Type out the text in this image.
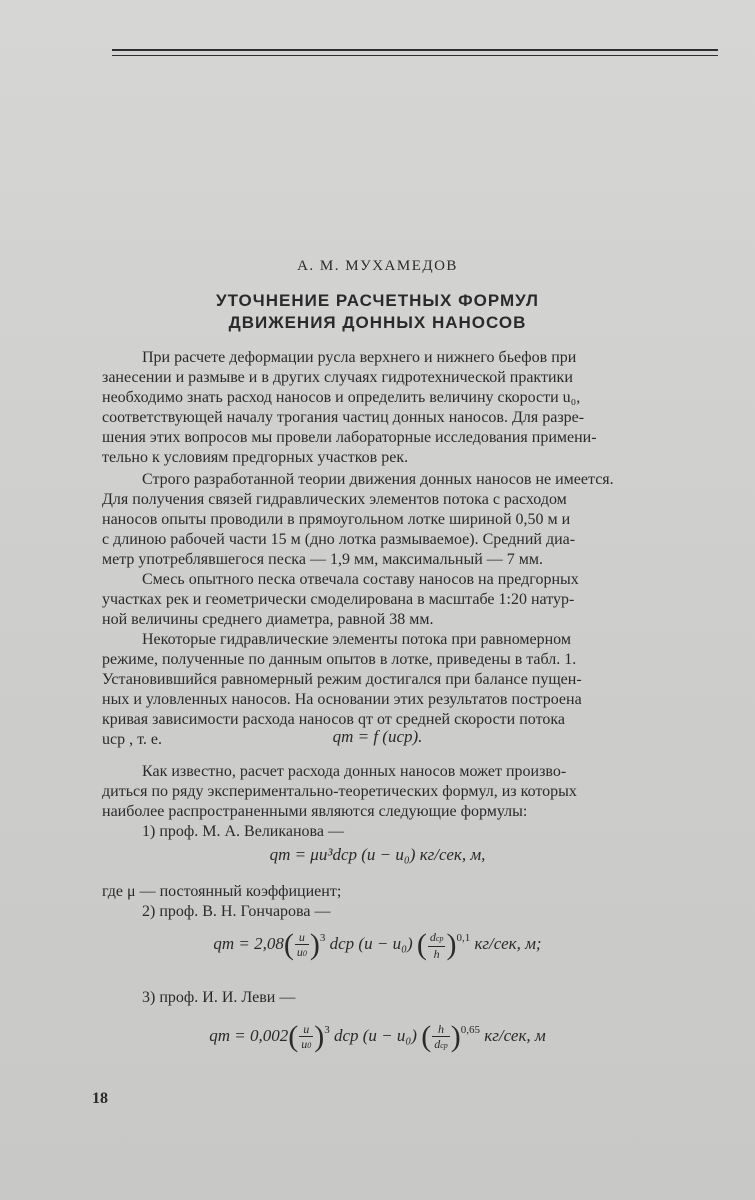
А. М. МУХАМЕДОВ
УТОЧНЕНИЕ РАСЧЕТНЫХ ФОРМУЛ
ДВИЖЕНИЯ ДОННЫХ НАНОСОВ
При расчете деформации русла верхнего и нижнего бьефов при
занесении и размыве и в других случаях гидротехнической практики
необходимо знать расход наносов и определить величину скорости u₀,
соответствующей началу трогания частиц донных наносов. Для разре-
шения этих вопросов мы провели лабораторные исследования примени-
тельно к условиям предгорных участков рек.
Строго разработанной теории движения донных наносов не имеется.
Для получения связей гидравлических элементов потока с расходом
наносов опыты проводили в прямоугольном лотке шириной 0,50 м и
с длиною рабочей части 15 м (дно лотка размываемое). Средний диа-
метр употреблявшегося песка — 1,9 мм, максимальный — 7 мм.
Смесь опытного песка отвечала составу наносов на предгорных
участках рек и геометрически смоделирована в масштабе 1:20 натур-
ной величины среднего диаметра, равной 38 мм.
Некоторые гидравлические элементы потока при равномерном
режиме, полученные по данным опытов в лотке, приведены в табл. 1.
Установившийся равномерный режим достигался при балансе пущен-
ных и уловленных наносов. На основании этих результатов построена
кривая зависимости расхода наносов qт от средней скорости потока
uср , т. е.	qт = f (uср).
Как известно, расчет расхода донных наносов может произво-
диться по ряду экспериментально-теоретических формул, из которых
наиболее распространенными являются следующие формулы:
1) проф. М. А. Великанова —
qт = μu³dср (u − u₀) кг/сек, м,
где μ — постоянный коэффициент;
2) проф. В. Н. Гончарова —
qт = $2,08( \frac{u}{u0} )^3$ dср (u − u₀) ( $\frac{\text{dср}}{h} )^{0,1}$ кг/сек, м;
3) проф. И. И. Леви —
qт = $0,002( \frac{u}{u0} )^3$ dср (u − u₀) ( $\frac{h}{\text{dср}} )^{0,65}$ кг/сек, м
18
